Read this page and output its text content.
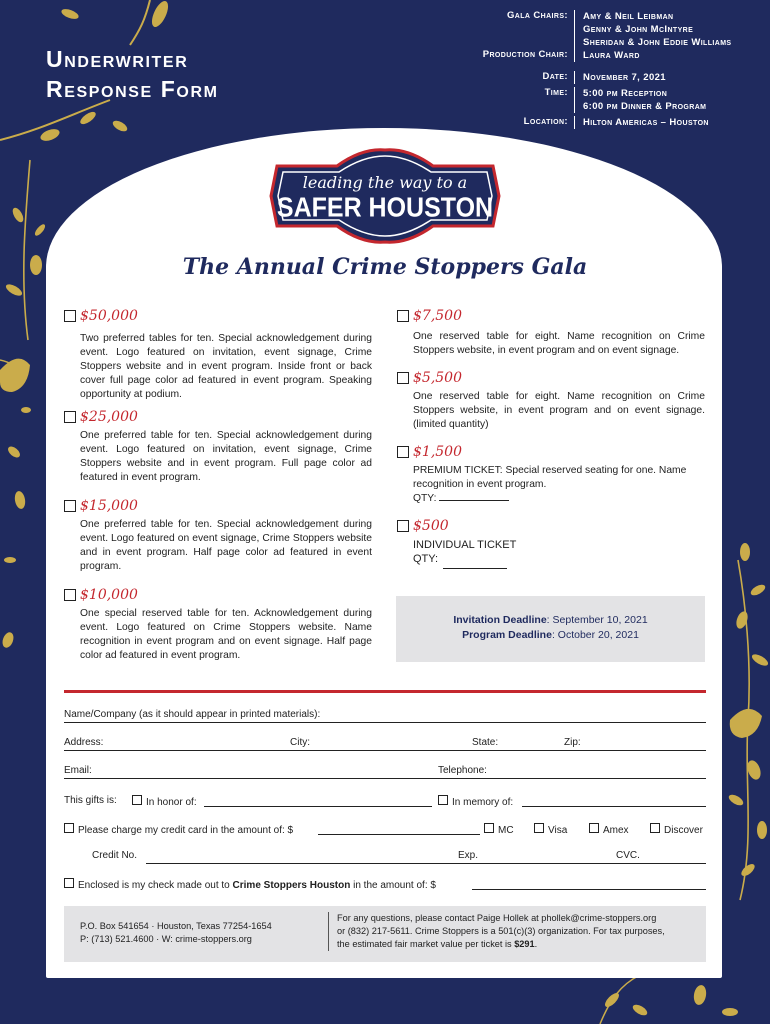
Underwriter
Response Form
Gala Chairs:	Amy & Neil Leibman
Genny & John McIntyre
Sheridan & John Eddie Williams
Production Chair:	Laura Ward
Date:	November 7, 2021
Time:	5:00 pm Reception
6:00 pm Dinner & Program
Location:	Hilton Americas – Houston
leading the way to a
SAFER HOUSTON
The Annual Crime Stoppers Gala
$50,000
Two preferred tables for ten. Special acknowledgement during event. Logo featured on invitation, event signage, Crime Stoppers website and in event program. Inside front or back cover full page color ad featured in event program. Speaking opportunity at podium.
$25,000
One preferred table for ten. Special acknowledgement during event. Logo featured on invitation, event signage, Crime Stoppers website and in event program. Full page color ad featured in event program.
$15,000
One preferred table for ten. Special acknowledgement during event. Logo featured on event signage, Crime Stoppers website and in event program. Half page color ad featured in event program.
$10,000
One special reserved table for ten. Acknowledgement during event. Logo featured on Crime Stoppers website. Name recognition in event program and on event signage. Half page color ad featured in event program.
$7,500
One reserved table for eight. Name recognition on Crime Stoppers website, in event program and on event signage.
$5,500
One reserved table for eight. Name recognition on Crime Stoppers website, in event program and on event signage. (limited quantity)
$1,500
PREMIUM TICKET: Special reserved seating for one. Name recognition in event program.
QTY:
$500
INDIVIDUAL TICKET
QTY:
Invitation Deadline: September 10, 2021
Program Deadline: October 20, 2021
Name/Company (as it should appear in printed materials):
Address:	City:	State:	Zip:
Email:	Telephone:
This gifts is:	In honor of:	In memory of:
Please charge my credit card in the amount of: $	MC	Visa	Amex	Discover
Credit No.	Exp.	CVC.
Enclosed is my check made out to Crime Stoppers Houston in the amount of: $
P.O. Box 541654 · Houston, Texas 77254-1654
P: (713) 521.4600 · W: crime-stoppers.org
For any questions, please contact Paige Hollek at phollek@crime-stoppers.org
or (832) 217-5611. Crime Stoppers is a 501(c)(3) organization. For tax purposes,
the estimated fair market value per ticket is $291.
